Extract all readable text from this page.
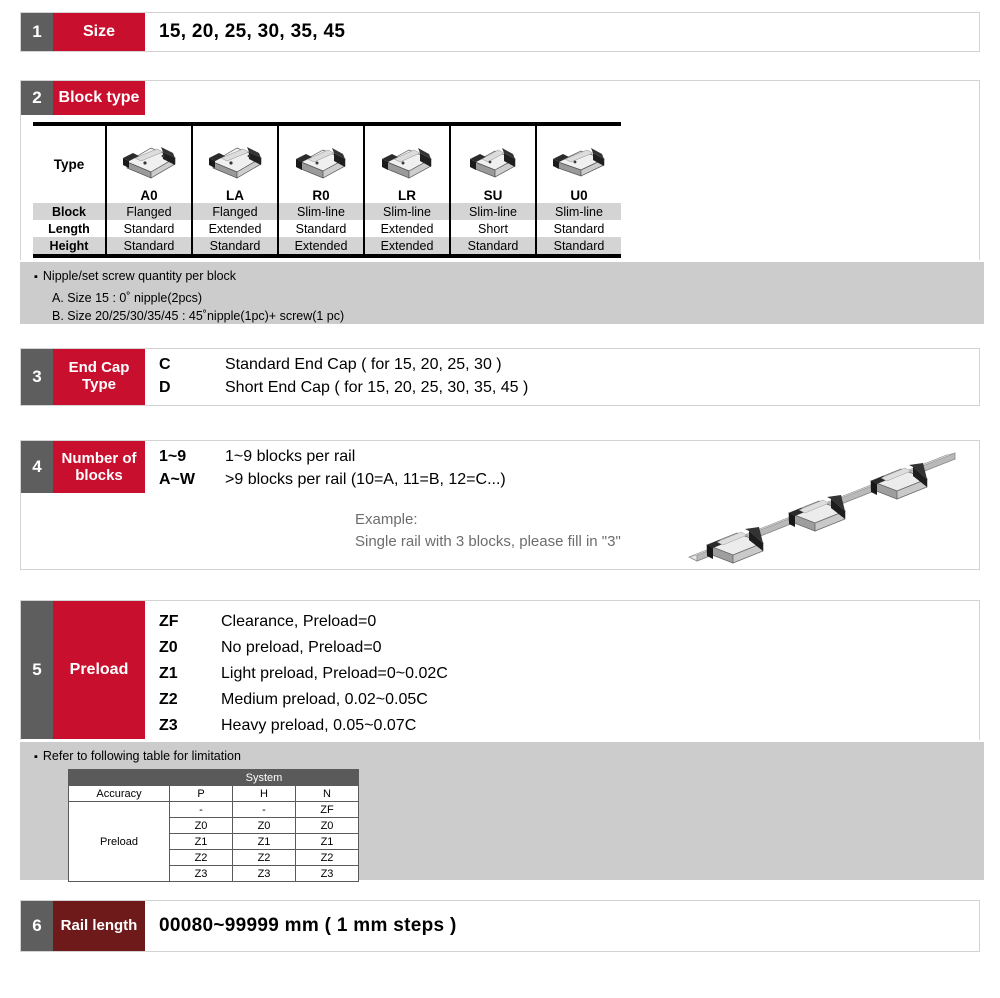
1	Size	15, 20, 25, 30, 35, 45
2	Block type
Type	

	A0	LA	R0	LR	SU	U0
Block	Flanged	Flanged	Slim-line	Slim-line	Slim-line	Slim-line
Length	Standard	Extended	Standard	Extended	Short	Standard
Height	Standard	Standard	Extended	Extended	Standard	Standard
▪ Nipple/set screw quantity per block
A. Size 15 : 0˚ nipple(2pcs)
B. Size 20/25/30/35/45 : 45˚nipple(1pc)+ screw(1 pc)
3	End Cap Type
C	Standard End Cap ( for 15, 20, 25, 30 )
D	Short End Cap ( for 15, 20, 25, 30, 35, 45 )
4	Number of blocks
1~9	1~9 blocks per rail
A~W	>9 blocks per rail (10=A, 11=B, 12=C...)
Example:
Single rail with 3 blocks, please fill in "3"
5	Preload
ZF	Clearance, Preload=0
Z0	No preload, Preload=0
Z1	Light preload, Preload=0~0.02C
Z2	Medium preload, 0.02~0.05C
Z3	Heavy preload, 0.05~0.07C
▪ Refer to following table for limitation
	System		
Accuracy	P	H	N
Preload	-	-	ZF
	Z0	Z0	Z0
	Z1	Z1	Z1
	Z2	Z2	Z2
	Z3	Z3	Z3
6	Rail length	00080~99999 mm ( 1 mm steps )
